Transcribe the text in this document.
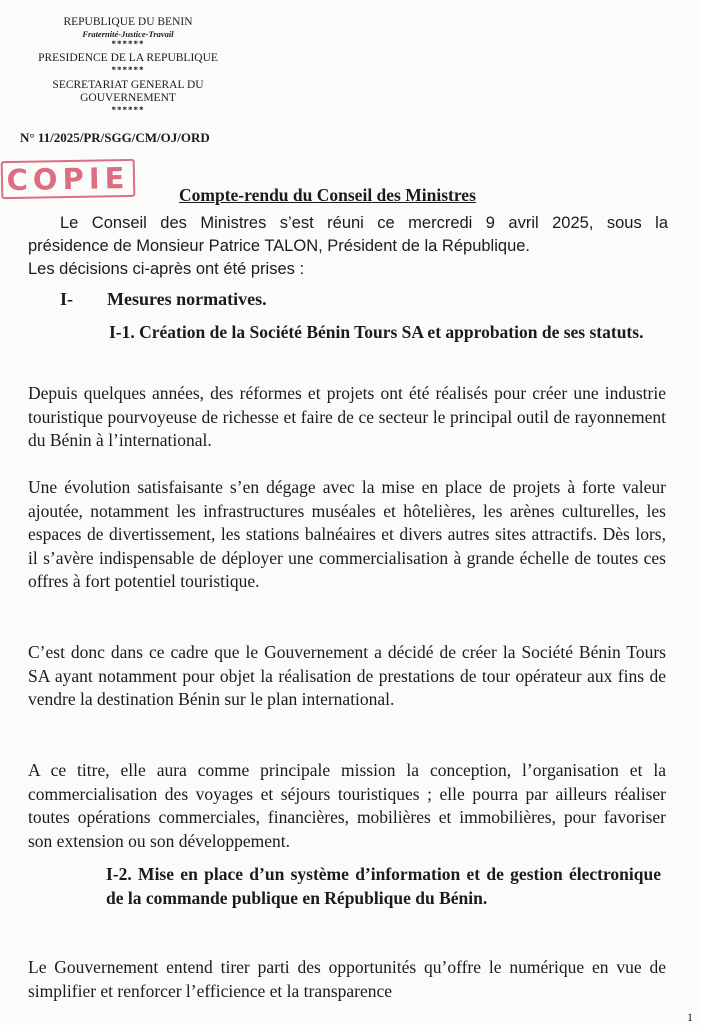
REPUBLIQUE DU BENIN
Fraternité-Justice-Travail
******
PRESIDENCE DE LA REPUBLIQUE
******
SECRETARIAT GENERAL DU
GOUVERNEMENT
******
N° 11/2025/PR/SGG/CM/OJ/ORD
COPIE	Compte-rendu du Conseil des Ministres
Le Conseil des Ministres s’est réuni ce mercredi 9 avril 2025, sous la
présidence de Monsieur Patrice TALON, Président de la République.
Les décisions ci-après ont été prises :
I- Mesures normatives.
I-1. Création de la Société Bénin Tours SA et approbation de ses statuts.
Depuis quelques années, des réformes et projets ont été réalisés pour créer une industrie touristique pourvoyeuse de richesse et faire de ce secteur le principal outil de rayonnement du Bénin à l’international.
Une évolution satisfaisante s’en dégage avec la mise en place de projets à forte valeur ajoutée, notamment les infrastructures muséales et hôtelières, les arènes culturelles, les espaces de divertissement, les stations balnéaires et divers autres sites attractifs. Dès lors, il s’avère indispensable de déployer une commercialisation à grande échelle de toutes ces offres à fort potentiel touristique.
C’est donc dans ce cadre que le Gouvernement a décidé de créer la Société Bénin Tours SA ayant notamment pour objet la réalisation de prestations de tour opérateur aux fins de vendre la destination Bénin sur le plan international.
A ce titre, elle aura comme principale mission la conception, l’organisation et la commercialisation des voyages et séjours touristiques ; elle pourra par ailleurs réaliser toutes opérations commerciales, financières, mobilières et immobilières, pour favoriser son extension ou son développement.
I-2. Mise en place d’un système d’information et de gestion électronique de la commande publique en République du Bénin.
Le Gouvernement entend tirer parti des opportunités qu’offre le numérique en vue de simplifier et renforcer l’efficience et la transparence
1
